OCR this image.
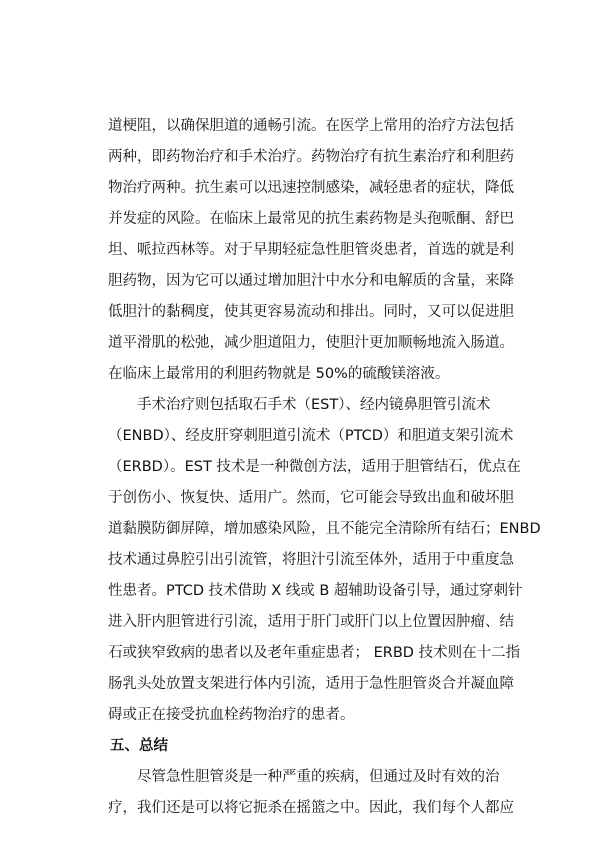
道梗阻，以确保胆道的通畅引流。在医学上常用的治疗方法包括
两种，即药物治疗和手术治疗。药物治疗有抗生素治疗和利胆药
物治疗两种。抗生素可以迅速控制感染，减轻患者的症状，降低
并发症的风险。在临床上最常见的抗生素药物是头孢哌酮、舒巴
坦、哌拉西林等。对于早期轻症急性胆管炎患者，首选的就是利
胆药物，因为它可以通过增加胆汁中水分和电解质的含量，来降
低胆汁的黏稠度，使其更容易流动和排出。同时，又可以促进胆
道平滑肌的松弛，减少胆道阻力，使胆汁更加顺畅地流入肠道。
在临床上最常用的利胆药物就是 50%的硫酸镁溶液。
手术治疗则包括取石手术（EST）、经内镜鼻胆管引流术
（ENBD）、经皮肝穿刺胆道引流术（PTCD）和胆道支架引流术
（ERBD）。EST 技术是一种微创方法，适用于胆管结石，优点在
于创伤小、恢复快、适用广。然而，它可能会导致出血和破坏胆
道黏膜防御屏障，增加感染风险，且不能完全清除所有结石；ENBD
技术通过鼻腔引出引流管，将胆汁引流至体外，适用于中重度急
性患者。PTCD 技术借助 X 线或 B 超辅助设备引导，通过穿刺针
进入肝内胆管进行引流，适用于肝门或肝门以上位置因肿瘤、结
石或狭窄致病的患者以及老年重症患者； ERBD 技术则在十二指
肠乳头处放置支架进行体内引流，适用于急性胆管炎合并凝血障
碍或正在接受抗血栓药物治疗的患者。
五、总结
尽管急性胆管炎是一种严重的疾病，但通过及时有效的治
疗，我们还是可以将它扼杀在摇篮之中。因此，我们每个人都应
